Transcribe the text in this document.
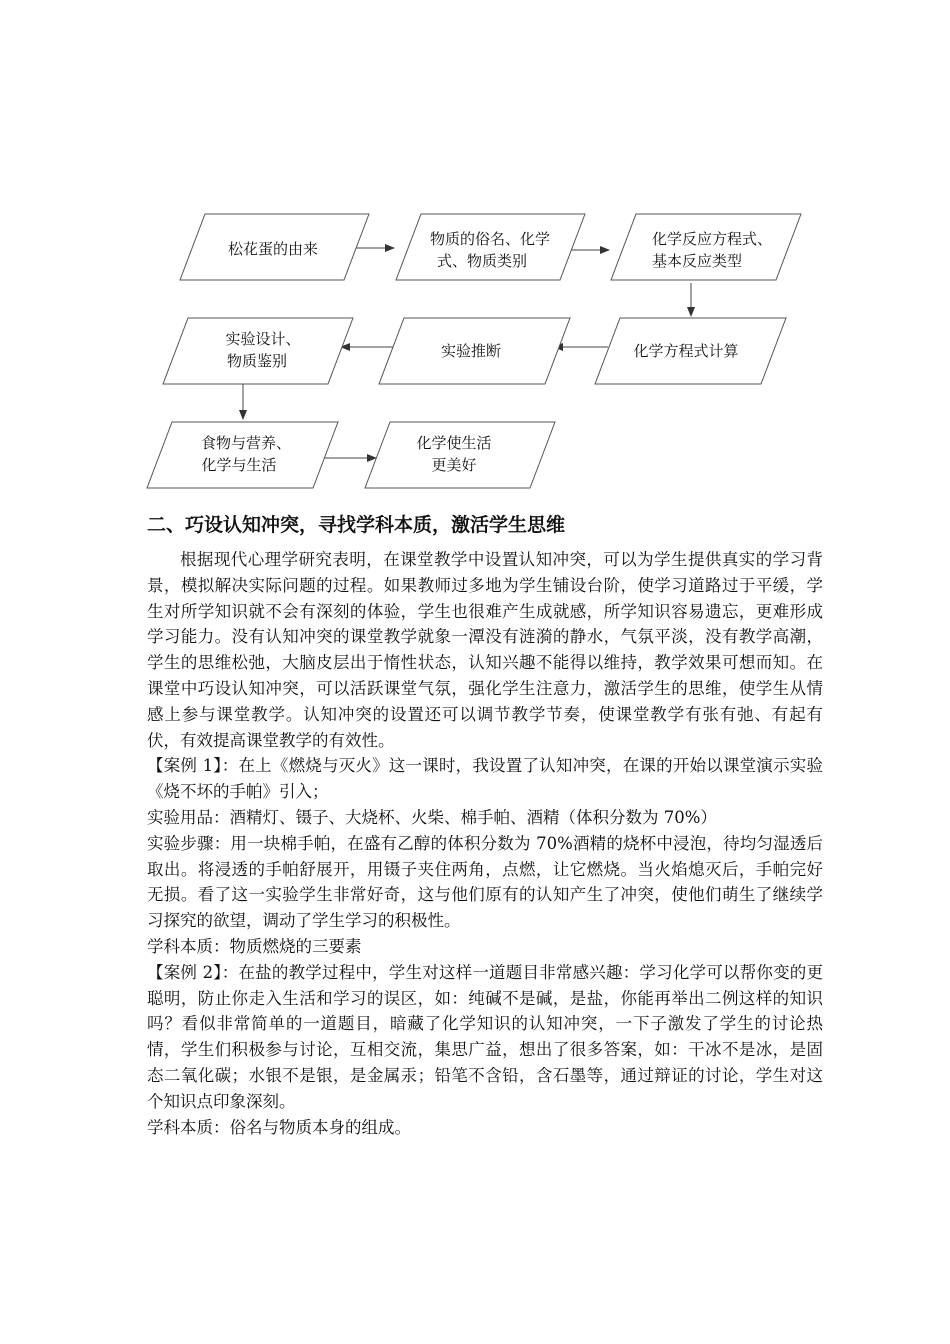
松花蛋的由来
物质的俗名、化学
式、物质类别
化学反应方程式、
基本反应类型
化学方程式计算
实验推断
实验设计、
物质鉴别
食物与营养、
化学与生活
化学使生活
更美好
二、巧设认知冲突，寻找学科本质，激活学生思维

根据现代心理学研究表明，在课堂教学中设置认知冲突，可以为学生提供真实的学习背景，模拟解决实际问题的过程。如果教师过多地为学生铺设台阶，使学习道路过于平缓，学生对所学知识就不会有深刻的体验，学生也很难产生成就感，所学知识容易遗忘，更难形成学习能力。没有认知冲突的课堂教学就象一潭没有涟漪的静水，气氛平淡，没有教学高潮，学生的思维松弛，大脑皮层出于惰性状态，认知兴趣不能得以维持，教学效果可想而知。在课堂中巧设认知冲突，可以活跃课堂气氛，强化学生注意力，激活学生的思维，使学生从情感上参与课堂教学。认知冲突的设置还可以调节教学节奏，使课堂教学有张有弛、有起有伏，有效提高课堂教学的有效性。

【案例 1】：在上《燃烧与灭火》这一课时，我设置了认知冲突，在课的开始以课堂演示实验《烧不坏的手帕》引入；

实验用品：酒精灯、镊子、大烧杯、火柴、棉手帕、酒精（体积分数为 70%）

实验步骤：用一块棉手帕，在盛有乙醇的体积分数为 70%酒精的烧杯中浸泡，待均匀湿透后取出。将浸透的手帕舒展开，用镊子夹住两角，点燃，让它燃烧。当火焰熄灭后，手帕完好无损。看了这一实验学生非常好奇，这与他们原有的认知产生了冲突，使他们萌生了继续学习探究的欲望，调动了学生学习的积极性。

学科本质：物质燃烧的三要素

【案例 2】：在盐的教学过程中，学生对这样一道题目非常感兴趣：学习化学可以帮你变的更聪明，防止你走入生活和学习的误区，如：纯碱不是碱，是盐，你能再举出二例这样的知识吗？看似非常简单的一道题目，暗藏了化学知识的认知冲突，一下子激发了学生的讨论热情，学生们积极参与讨论，互相交流，集思广益，想出了很多答案，如：干冰不是冰，是固态二氧化碳；水银不是银，是金属汞；铅笔不含铅，含石墨等，通过辩证的讨论，学生对这个知识点印象深刻。

学科本质：俗名与物质本身的组成。
